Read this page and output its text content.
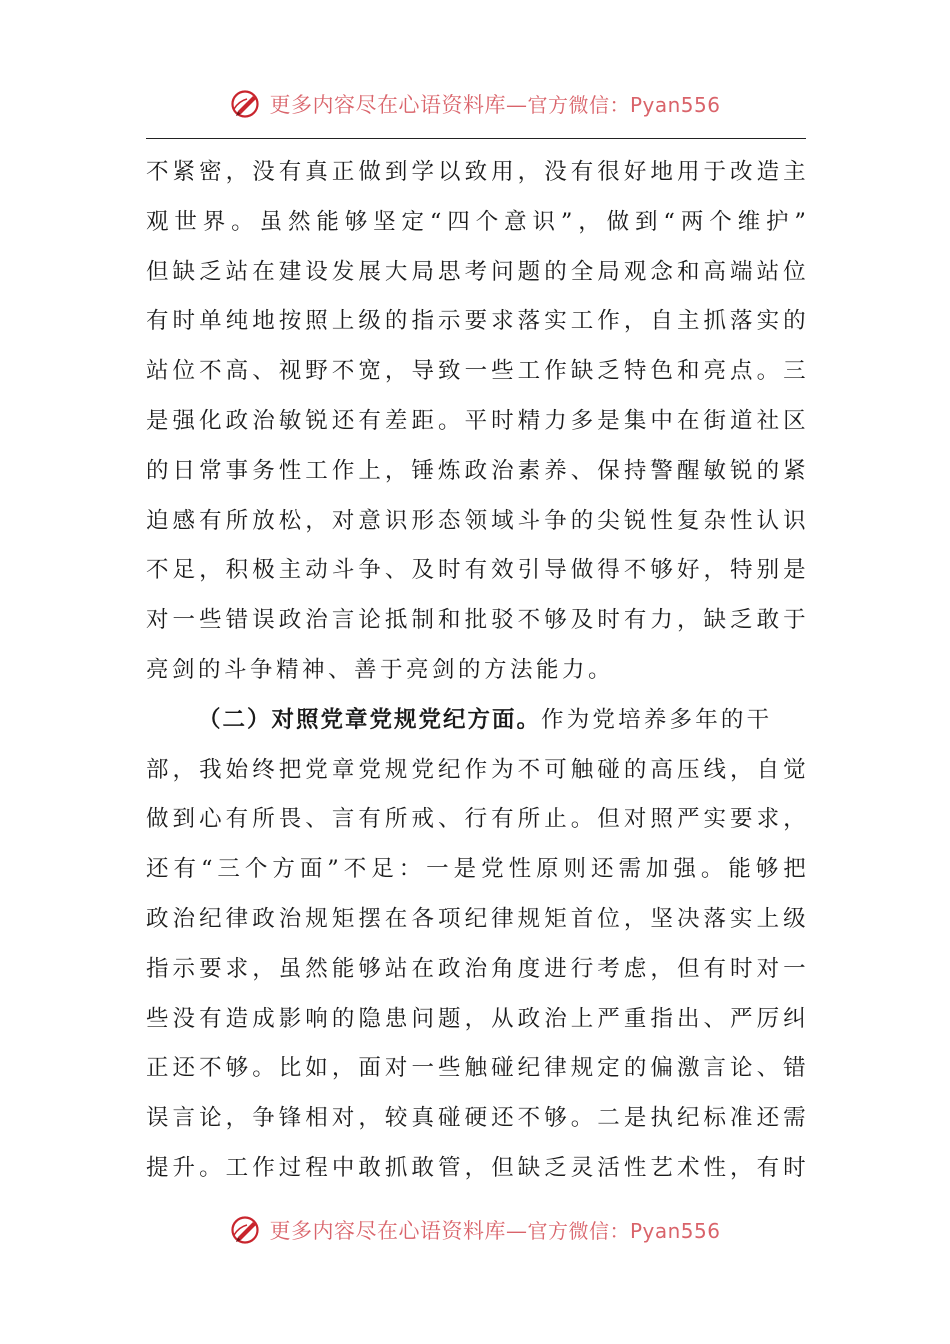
更多内容尽在心语资料库—官方微信：Pyan556
不 紧 密 ， 没 有 真 正 做 到 学 以 致 用 ， 没 有 很 好 地 用 于 改 造 主
观 世 界 。 虽 然 能 够 坚 定 “ 四 个 意 识 ” ， 做 到 “ 两 个 维 护 ”
但 缺 乏 站 在 建 设 发 展 大 局 思 考 问 题 的 全 局 观 念 和 高 端 站 位
有 时 单 纯 地 按 照 上 级 的 指 示 要 求 落 实 工 作 ， 自 主 抓 落 实 的
站 位 不 高 、 视 野 不 宽 ， 导 致 一 些 工 作 缺 乏 特 色 和 亮 点 。 三
是 强 化 政 治 敏 锐 还 有 差 距 。 平 时 精 力 多 是 集 中 在 街 道 社 区
的 日 常 事 务 性 工 作 上 ， 锤 炼 政 治 素 养 、 保 持 警 醒 敏 锐 的 紧
迫 感 有 所 放 松 ， 对 意 识 形 态 领 域 斗 争 的 尖 锐 性 复 杂 性 认 识
不 足 ， 积 极 主 动 斗 争 、 及 时 有 效 引 导 做 得 不 够 好 ， 特 别 是
对 一 些 错 误 政 治 言 论 抵 制 和 批 驳 不 够 及 时 有 力 ， 缺 乏 敢 于
亮剑的斗争精神、善于亮剑的方法能力。
（二）对照党章党规党纪方面。 作为党培养多年的干
部 ， 我 始 终 把 党 章 党 规 党 纪 作 为 不 可 触 碰 的 高 压 线 ， 自 觉
做 到 心 有 所 畏 、 言 有 所 戒 、 行 有 所 止 。 但 对 照 严 实 要 求 ，
还 有 “ 三 个 方 面 ” 不 足 ： 一 是 党 性 原 则 还 需 加 强 。 能 够 把
政 治 纪 律 政 治 规 矩 摆 在 各 项 纪 律 规 矩 首 位 ， 坚 决 落 实 上 级
指 示 要 求 ， 虽 然 能 够 站 在 政 治 角 度 进 行 考 虑 ， 但 有 时 对 一
些 没 有 造 成 影 响 的 隐 患 问 题 ， 从 政 治 上 严 重 指 出 、 严 厉 纠
正 还 不 够 。 比 如 ， 面 对 一 些 触 碰 纪 律 规 定 的 偏 激 言 论 、 错
误 言 论 ， 争 锋 相 对 ， 较 真 碰 硬 还 不 够 。 二 是 执 纪 标 准 还 需
提 升 。 工 作 过 程 中 敢 抓 敢 管 ， 但 缺 乏 灵 活 性 艺 术 性 ， 有 时
更多内容尽在心语资料库—官方微信：Pyan556
